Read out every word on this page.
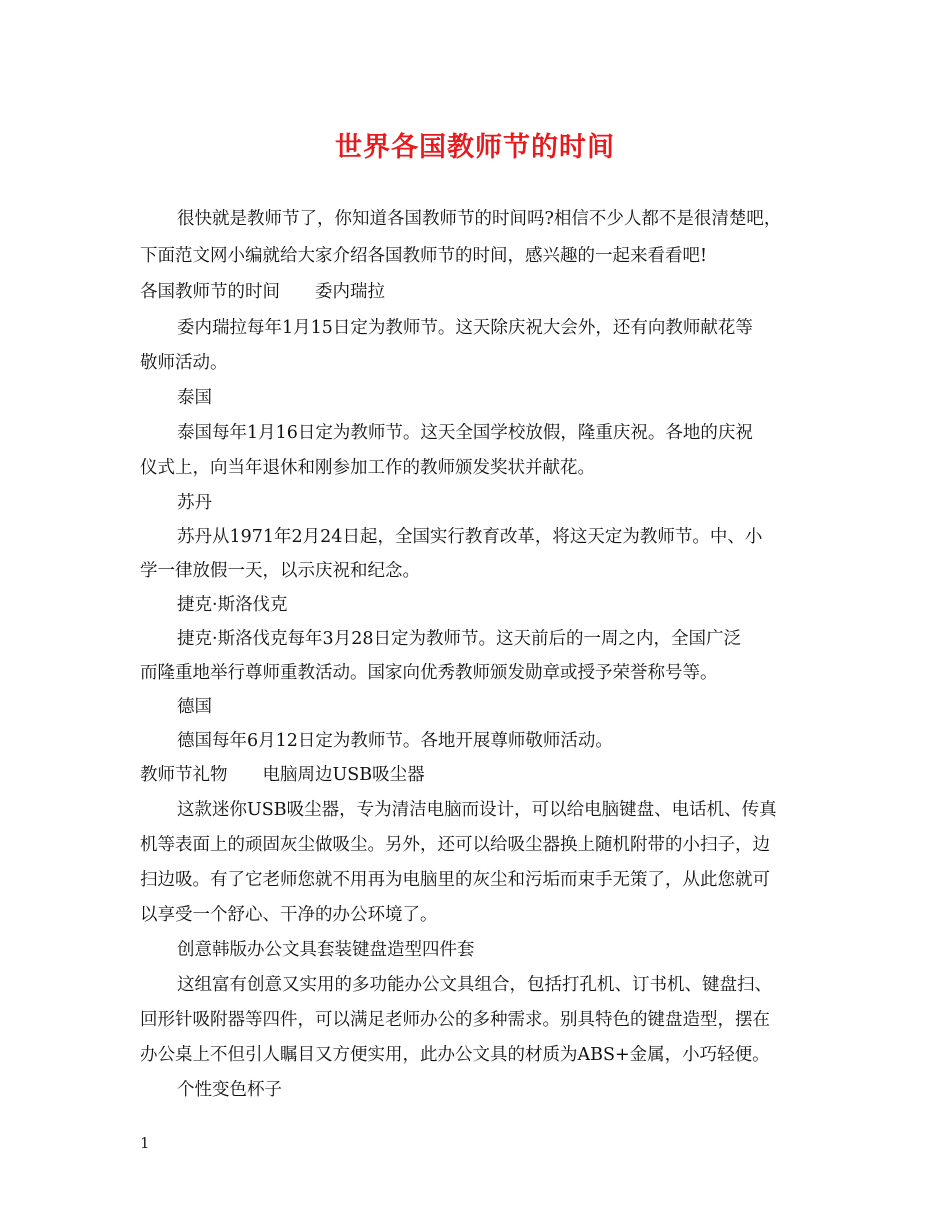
世界各国教师节的时间
很快就是教师节了，你知道各国教师节的时间吗?相信不少人都不是很清楚吧，
下面范文网小编就给大家介绍各国教师节的时间，感兴趣的一起来看看吧!
各国教师节的时间　　委内瑞拉
委内瑞拉每年1月15日定为教师节。这天除庆祝大会外，还有向教师献花等
敬师活动。
泰国
泰国每年1月16日定为教师节。这天全国学校放假，隆重庆祝。各地的庆祝
仪式上，向当年退休和刚参加工作的教师颁发奖状并献花。
苏丹
苏丹从1971年2月24日起，全国实行教育改革，将这天定为教师节。中、小
学一律放假一天，以示庆祝和纪念。
捷克·斯洛伐克
捷克·斯洛伐克每年3月28日定为教师节。这天前后的一周之内，全国广泛
而隆重地举行尊师重教活动。国家向优秀教师颁发勋章或授予荣誉称号等。
德国
德国每年6月12日定为教师节。各地开展尊师敬师活动。
教师节礼物　　电脑周边USB吸尘器
这款迷你USB吸尘器，专为清洁电脑而设计，可以给电脑键盘、电话机、传真
机等表面上的顽固灰尘做吸尘。另外，还可以给吸尘器换上随机附带的小扫子，边
扫边吸。有了它老师您就不用再为电脑里的灰尘和污垢而束手无策了，从此您就可
以享受一个舒心、干净的办公环境了。
创意韩版办公文具套装键盘造型四件套
这组富有创意又实用的多功能办公文具组合，包括打孔机、订书机、键盘扫、
回形针吸附器等四件，可以满足老师办公的多种需求。别具特色的键盘造型，摆在
办公桌上不但引人瞩目又方便实用，此办公文具的材质为ABS+金属，小巧轻便。
个性变色杯子
1
